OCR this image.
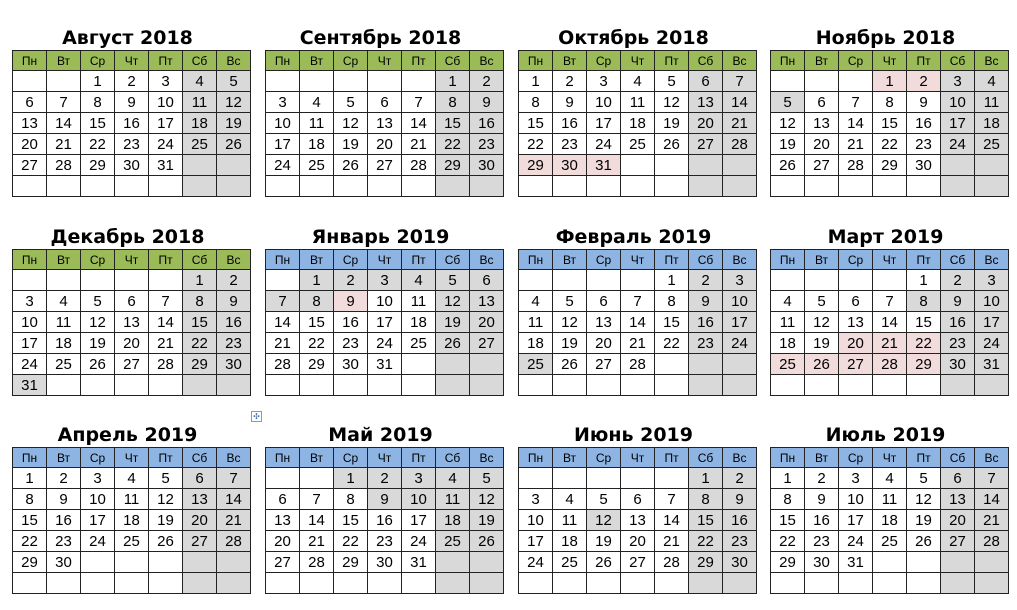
Август 2018
Пн	Вт	Ср	Чт	Пт	Сб	Вс
		1	2	3	4	5
6	7	8	9	10	11	12
13	14	15	16	17	18	19
20	21	22	23	24	25	26
27	28	29	30	31		

Сентябрь 2018
Пн	Вт	Ср	Чт	Пт	Сб	Вс
					1	2
3	4	5	6	7	8	9
10	11	12	13	14	15	16
17	18	19	20	21	22	23
24	25	26	27	28	29	30

Октябрь 2018
Пн	Вт	Ср	Чт	Пт	Сб	Вс
1	2	3	4	5	6	7
8	9	10	11	12	13	14
15	16	17	18	19	20	21
22	23	24	25	26	27	28
29	30	31				

Ноябрь 2018
Пн	Вт	Ср	Чт	Пт	Сб	Вс
			1	2	3	4
5	6	7	8	9	10	11
12	13	14	15	16	17	18
19	20	21	22	23	24	25
26	27	28	29	30		

Декабрь 2018
Пн	Вт	Ср	Чт	Пт	Сб	Вс
					1	2
3	4	5	6	7	8	9
10	11	12	13	14	15	16
17	18	19	20	21	22	23
24	25	26	27	28	29	30
31						
Январь 2019
Пн	Вт	Ср	Чт	Пт	Сб	Вс
	1	2	3	4	5	6
7	8	9	10	11	12	13
14	15	16	17	18	19	20
21	22	23	24	25	26	27
28	29	30	31			

Февраль 2019
Пн	Вт	Ср	Чт	Пт	Сб	Вс
				1	2	3
4	5	6	7	8	9	10
11	12	13	14	15	16	17
18	19	20	21	22	23	24
25	26	27	28			

Март 2019
Пн	Вт	Ср	Чт	Пт	Сб	Вс
				1	2	3
4	5	6	7	8	9	10
11	12	13	14	15	16	17
18	19	20	21	22	23	24
25	26	27	28	29	30	31

Апрель 2019
Пн	Вт	Ср	Чт	Пт	Сб	Вс
1	2	3	4	5	6	7
8	9	10	11	12	13	14
15	16	17	18	19	20	21
22	23	24	25	26	27	28
29	30					

Май 2019
Пн	Вт	Ср	Чт	Пт	Сб	Вс
		1	2	3	4	5
6	7	8	9	10	11	12
13	14	15	16	17	18	19
20	21	22	23	24	25	26
27	28	29	30	31		

Июнь 2019
Пн	Вт	Ср	Чт	Пт	Сб	Вс
					1	2
3	4	5	6	7	8	9
10	11	12	13	14	15	16
17	18	19	20	21	22	23
24	25	26	27	28	29	30

Июль 2019
Пн	Вт	Ср	Чт	Пт	Сб	Вс
1	2	3	4	5	6	7
8	9	10	11	12	13	14
15	16	17	18	19	20	21
22	23	24	25	26	27	28
29	30	31				

✣
